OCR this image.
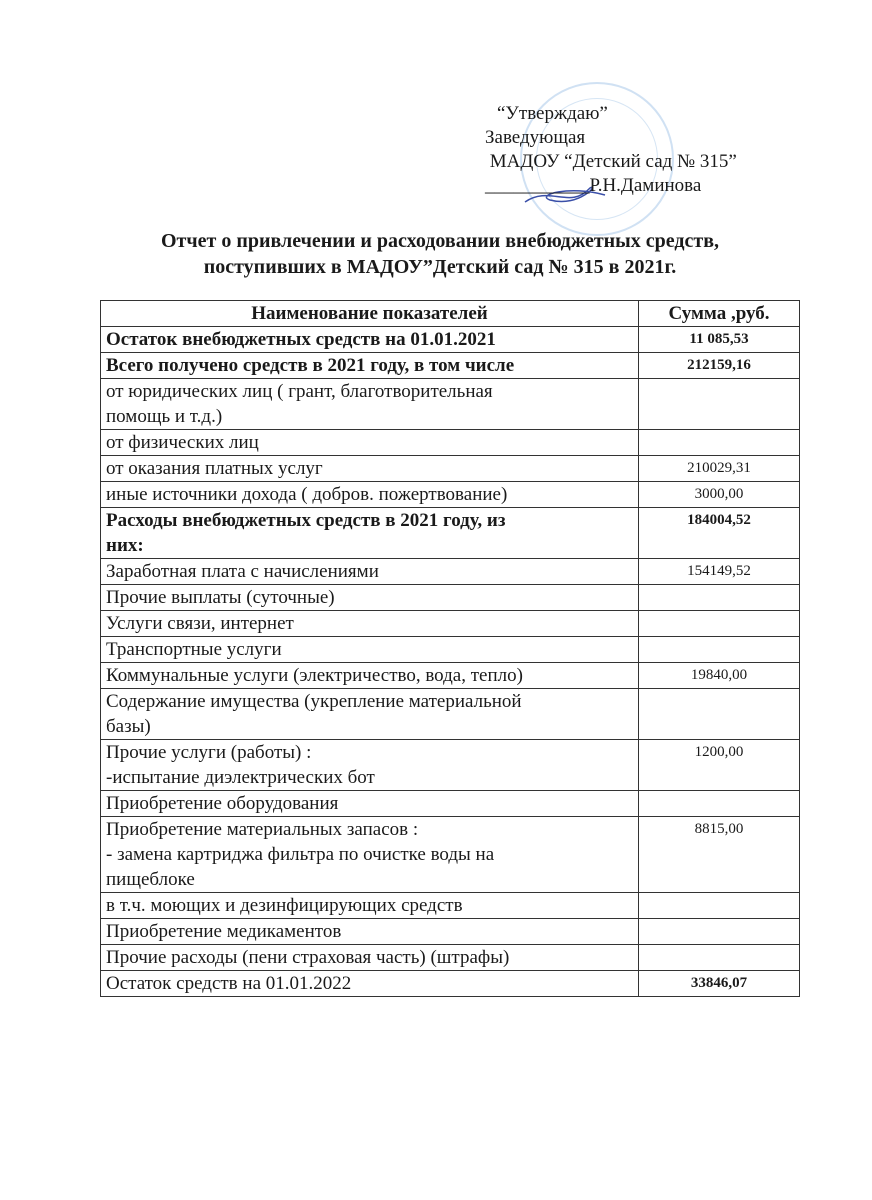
“Утверждаю”
Заведующая
МАДОУ “Детский сад № 315”
___________Р.Н.Даминова
Отчет о привлечении и расходовании внебюджетных средств,
поступивших в МАДОУ”Детский сад № 315 в 2021г.
Наименование показателей	Сумма ,руб.
Остаток внебюджетных средств на 01.01.2021	11 085,53
Всего получено средств в 2021 году, в том числе	212159,16
от юридических лиц ( грант, благотворительная
помощь и т.д.)	
от физических лиц	
от оказания платных услуг	210029,31
иные источники дохода ( добров. пожертвование)	3000,00
Расходы внебюджетных средств в 2021 году, из
них:	184004,52
Заработная плата с начислениями	154149,52
Прочие выплаты (суточные)	
Услуги связи, интернет	
Транспортные услуги	
Коммунальные услуги (электричество, вода, тепло)	19840,00
Содержание имущества (укрепление материальной
базы)	
Прочие услуги (работы) :
-испытание диэлектрических бот	1200,00
Приобретение оборудования	
Приобретение материальных запасов :
- замена картриджа фильтра по очистке воды на
пищеблоке	8815,00
в т.ч. моющих и дезинфицирующих средств	
Приобретение медикаментов	
Прочие расходы (пени страховая часть) (штрафы)	
Остаток средств на 01.01.2022	33846,07
